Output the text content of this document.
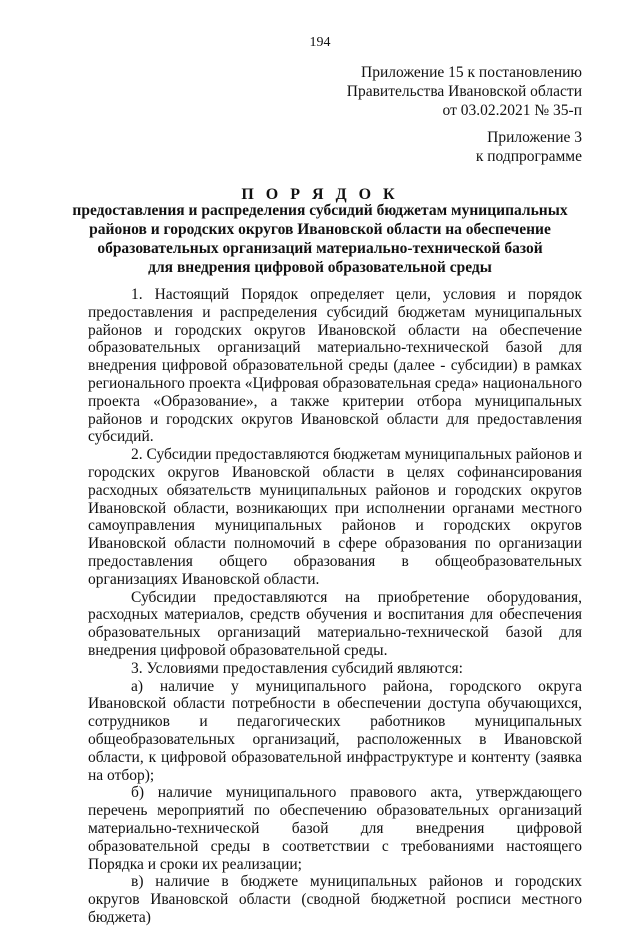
194
Приложение 15 к постановлению
Правительства Ивановской области
от 03.02.2021 № 35-п
Приложение 3
к подпрограмме
П О Р Я Д О К
предоставления и распределения субсидий бюджетам муниципальных
районов и городских округов Ивановской области на обеспечение
образовательных организаций материально-технической базой
для внедрения цифровой образовательной среды

1. Настоящий Порядок определяет цели, условия и порядок предоставления и распределения субсидий бюджетам муниципальных районов и городских округов Ивановской области на обеспечение образовательных организаций материально-технической базой для внедрения цифровой образовательной среды (далее - субсидии) в рамках регионального проекта «Цифровая образовательная среда» национального проекта «Образование», а также критерии отбора муниципальных районов и городских округов Ивановской области для предоставления субсидий.

2. Субсидии предоставляются бюджетам муниципальных районов и городских округов Ивановской области в целях софинансирования расходных обязательств муниципальных районов и городских округов Ивановской области, возникающих при исполнении органами местного самоуправления муниципальных районов и городских округов Ивановской области полномочий в сфере образования по организации предоставления общего образования в общеобразовательных организациях Ивановской области.

Субсидии предоставляются на приобретение оборудования, расходных материалов, средств обучения и воспитания для обеспечения образовательных организаций материально-технической базой для внедрения цифровой образовательной среды.

3. Условиями предоставления субсидий являются:

а) наличие у муниципального района, городского округа Ивановской области потребности в обеспечении доступа обучающихся, сотрудников и педагогических работников муниципальных общеобразовательных организаций, расположенных в Ивановской области, к цифровой образовательной инфраструктуре и контенту (заявка на отбор);

б) наличие муниципального правового акта, утверждающего перечень мероприятий по обеспечению образовательных организаций материально-технической базой для внедрения цифровой образовательной среды в соответствии с требованиями настоящего Порядка и сроки их реализации;

в) наличие в бюджете муниципальных районов и городских округов Ивановской области (сводной бюджетной росписи местного бюджета)
